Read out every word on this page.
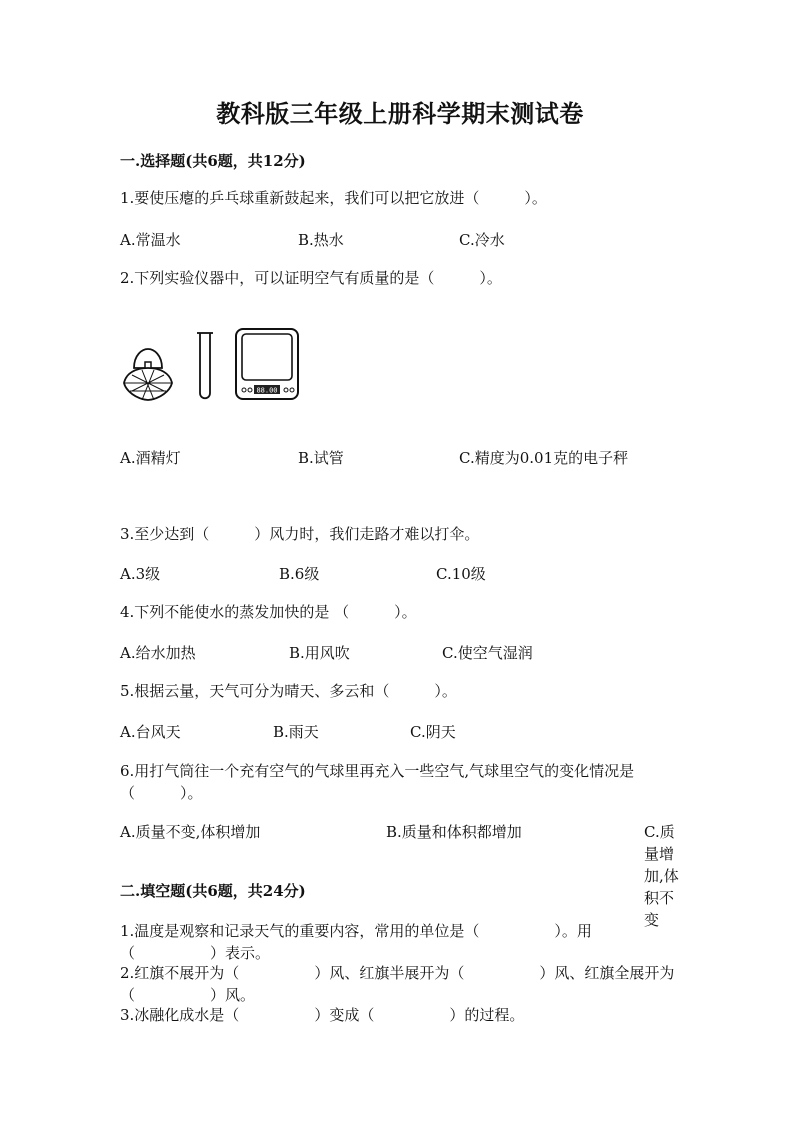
教科版三年级上册科学期末测试卷
一.选择题(共6题，共12分)
1.要使压瘪的乒乓球重新鼓起来，我们可以把它放进（　　　）。
A.常温水	B.热水	C.冷水
2.下列实验仪器中，可以证明空气有质量的是（　　　）。
88.00
A.酒精灯	B.试管	C.精度为0.01克的电子秤
3.至少达到（　　　）风力时，我们走路才难以打伞。
A.3级	B.6级	C.10级
4.下列不能使水的蒸发加快的是 （　　　）。
A.给水加热	B.用风吹	C.使空气湿润
5.根据云量，天气可分为晴天、多云和（　　　）。
A.台风天	B.雨天	C.阴天
6.用打气筒往一个充有空气的气球里再充入一些空气,气球里空气的变化情况是（　　　）。
A.质量不变,体积增加	B.质量和体积都增加	C.质量增加,体积不变
二.填空题(共6题，共24分)
1.温度是观察和记录天气的重要内容，常用的单位是（　　　　　）。用（　　　　　）表示。
2.红旗不展开为（　　　　　）风、红旗半展开为（　　　　　）风、红旗全展开为（　　　　　）风。
3.冰融化成水是（　　　　　）变成（　　　　　）的过程。
